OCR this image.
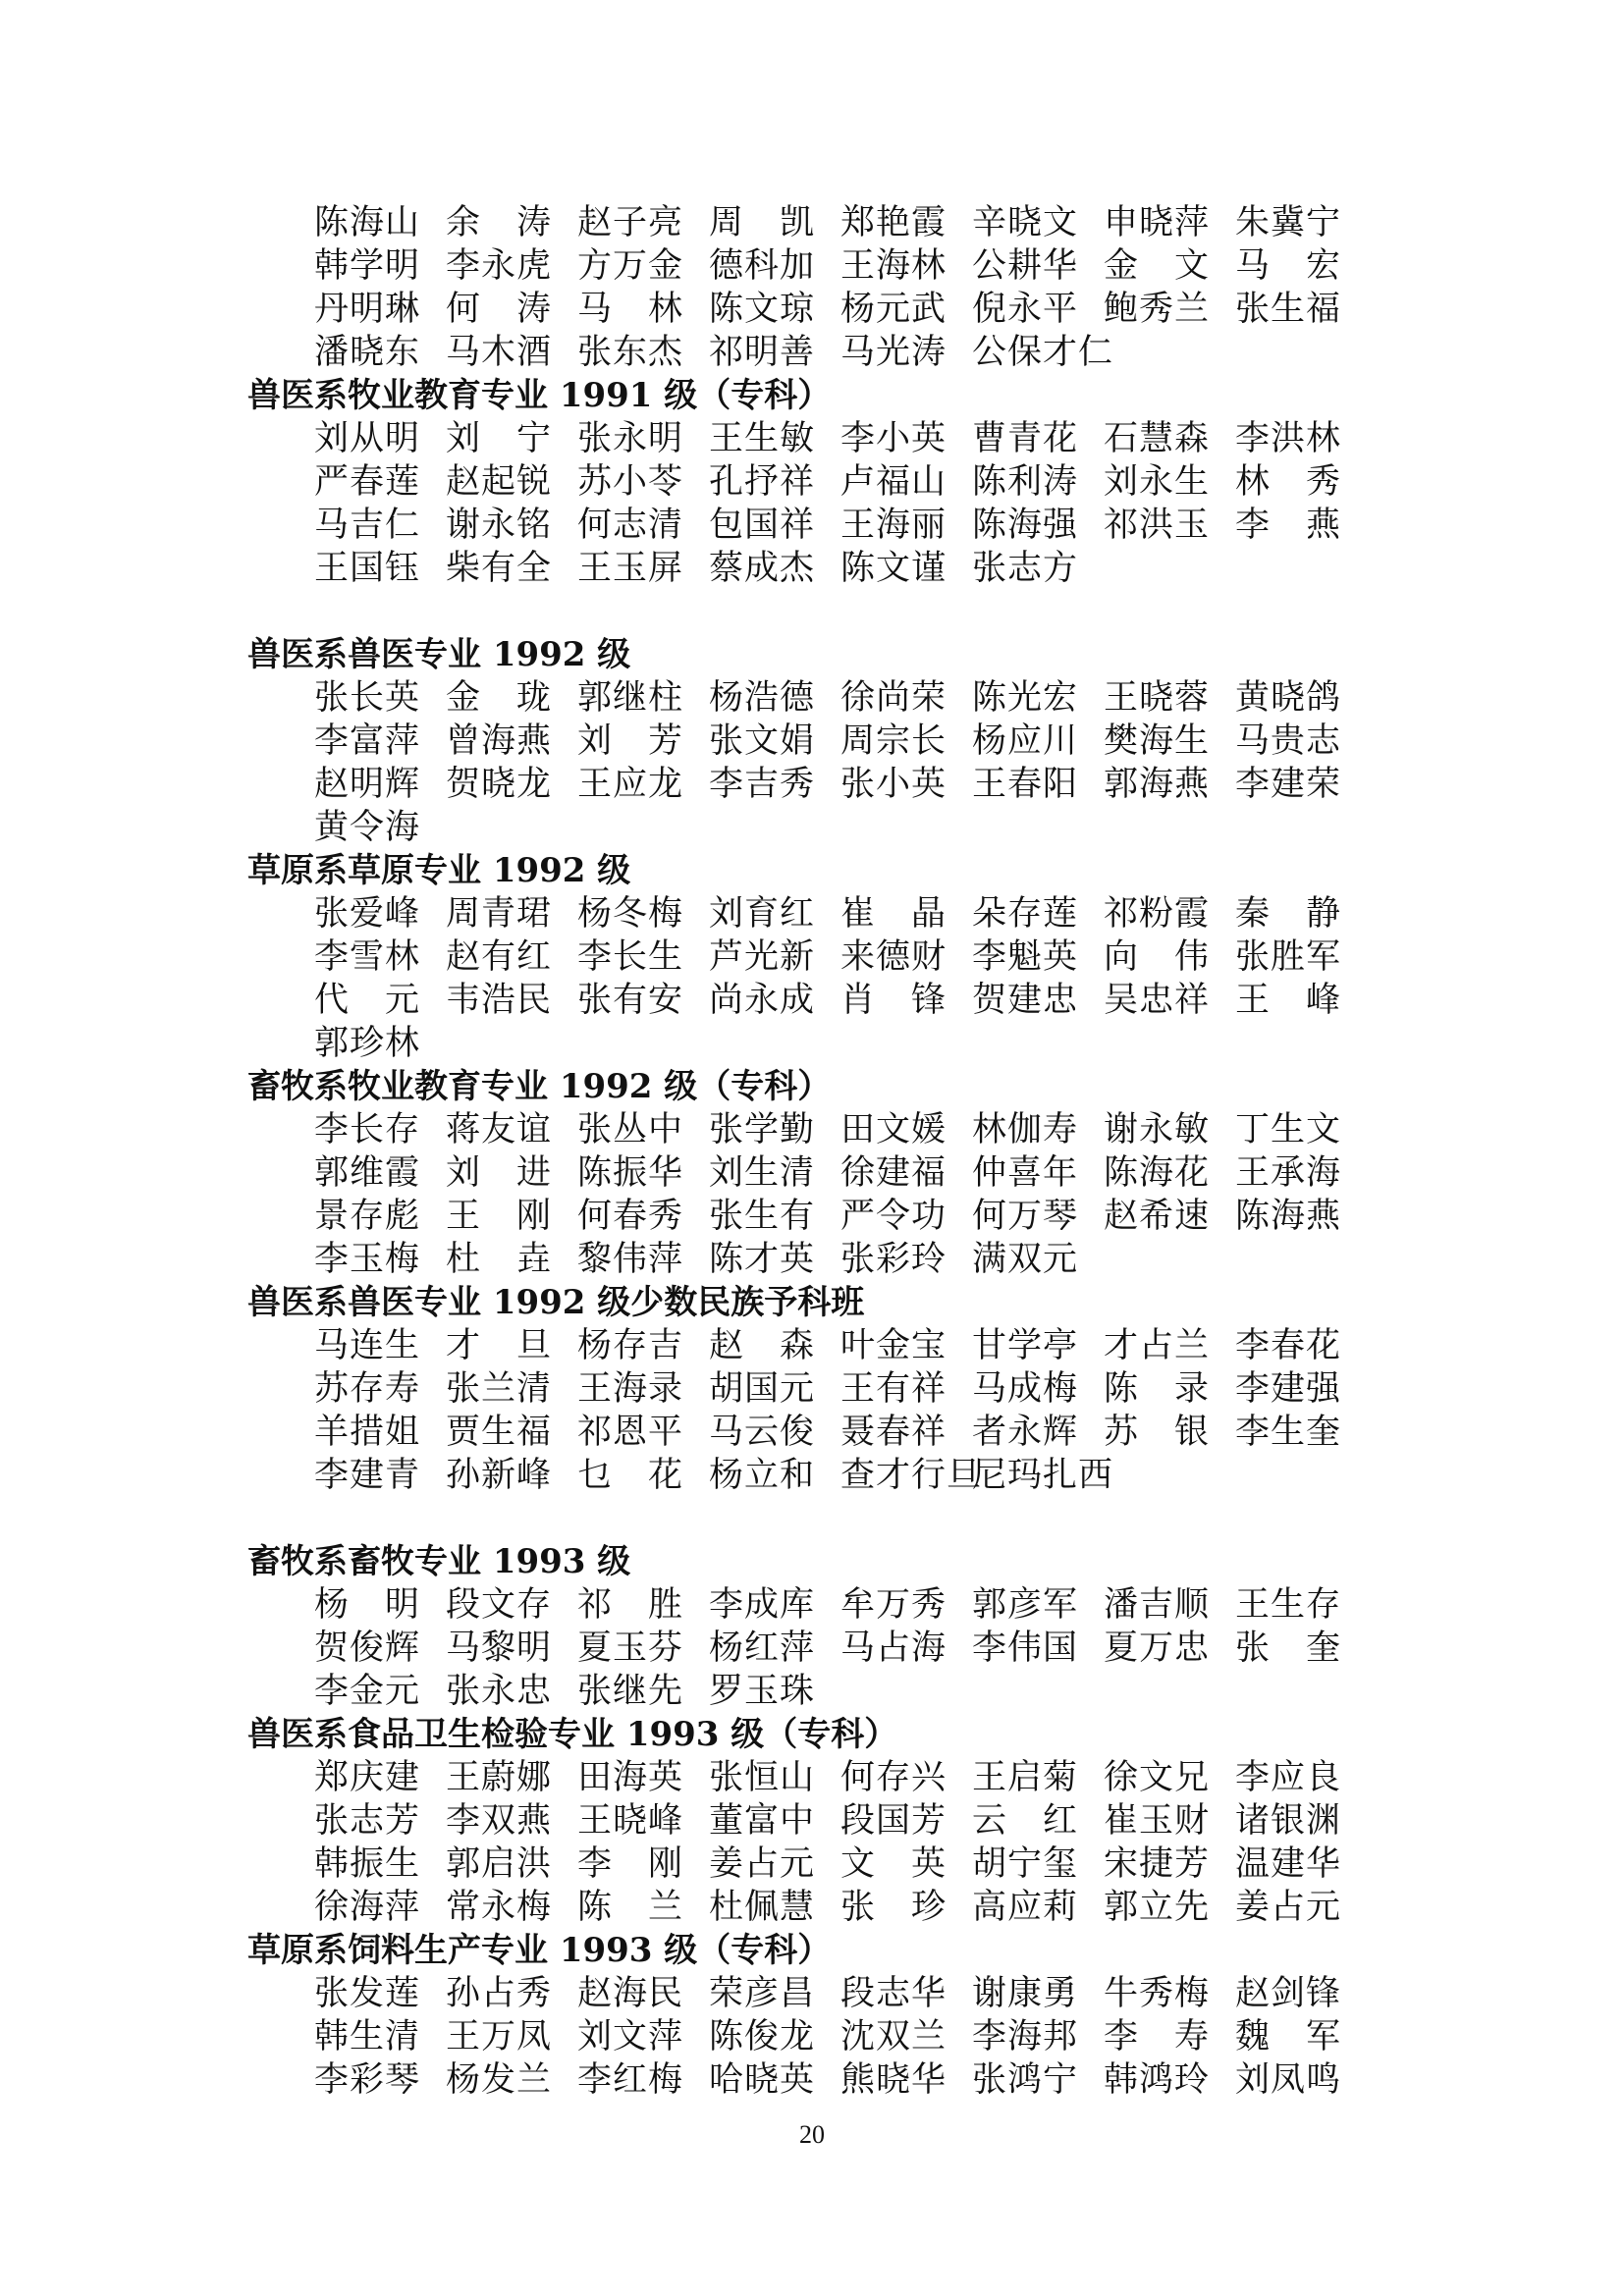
陈海山 余　涛 赵子亮 周　凯 郑艳霞 辛晓文 申晓萍 朱冀宁
韩学明 李永虎 方万金 德科加 王海林 公耕华 金　文 马　宏
丹明琳 何　涛 马　林 陈文琼 杨元武 倪永平 鲍秀兰 张生福
潘晓东 马木酒 张东杰 祁明善 马光涛 公保才仁
兽医系牧业教育专业 1991 级（专科）
刘从明 刘　宁 张永明 王生敏 李小英 曹青花 石慧森 李洪林
严春莲 赵起锐 苏小苓 孔抒祥 卢福山 陈利涛 刘永生 林　秀
马吉仁 谢永铭 何志清 包国祥 王海丽 陈海强 祁洪玉 李　燕
王国钰 柴有全 王玉屏 蔡成杰 陈文谨 张志方
兽医系兽医专业 1992 级
张长英 金　珑 郭继柱 杨浩德 徐尚荣 陈光宏 王晓蓉 黄晓鸽
李富萍 曾海燕 刘　芳 张文娟 周宗长 杨应川 樊海生 马贵志
赵明辉 贺晓龙 王应龙 李吉秀 张小英 王春阳 郭海燕 李建荣
黄令海
草原系草原专业 1992 级
张爱峰 周青珺 杨冬梅 刘育红 崔　晶 朵存莲 祁粉霞 秦　静
李雪林 赵有红 李长生 芦光新 来德财 李魁英 向　伟 张胜军
代　元 韦浩民 张有安 尚永成 肖　锋 贺建忠 吴忠祥 王　峰
郭珍林
畜牧系牧业教育专业 1992 级（专科）
李长存 蒋友谊 张丛中 张学勤 田文媛 林伽寿 谢永敏 丁生文
郭维霞 刘　进 陈振华 刘生清 徐建福 仲喜年 陈海花 王承海
景存彪 王　刚 何春秀 张生有 严令功 何万琴 赵希速 陈海燕
李玉梅 杜　垚 黎伟萍 陈才英 张彩玲 满双元
兽医系兽医专业 1992 级少数民族予科班
马连生 才　旦 杨存吉 赵　森 叶金宝 甘学亭 才占兰 李春花
苏存寿 张兰清 王海录 胡国元 王有祥 马成梅 陈　录 李建强
羊措姐 贾生福 祁恩平 马云俊 聂春祥 者永辉 苏　银 李生奎
李建青 孙新峰 乜　花 杨立和 查才行旦
尼玛扎西
畜牧系畜牧专业 1993 级
杨　明 段文存 祁　胜 李成库 牟万秀 郭彦军 潘吉顺 王生存
贺俊辉 马黎明 夏玉芬 杨红萍 马占海 李伟国 夏万忠 张　奎
李金元 张永忠 张继先 罗玉珠
兽医系食品卫生检验专业 1993 级（专科）
郑庆建 王蔚娜 田海英 张恒山 何存兴 王启菊 徐文兄 李应良
张志芳 李双燕 王晓峰 董富中 段国芳 云　红 崔玉财 诸银渊
韩振生 郭启洪 李　刚 姜占元 文　英 胡宁玺 宋捷芳 温建华
徐海萍 常永梅 陈　兰 杜佩慧 张　珍 高应莉 郭立先 姜占元
草原系饲料生产专业 1993 级（专科）
张发莲 孙占秀 赵海民 荣彦昌 段志华 谢康勇 牛秀梅 赵剑锋
韩生清 王万凤 刘文萍 陈俊龙 沈双兰 李海邦 李　寿 魏　军
李彩琴 杨发兰 李红梅 哈晓英 熊晓华 张鸿宁 韩鸿玲 刘凤鸣
20
